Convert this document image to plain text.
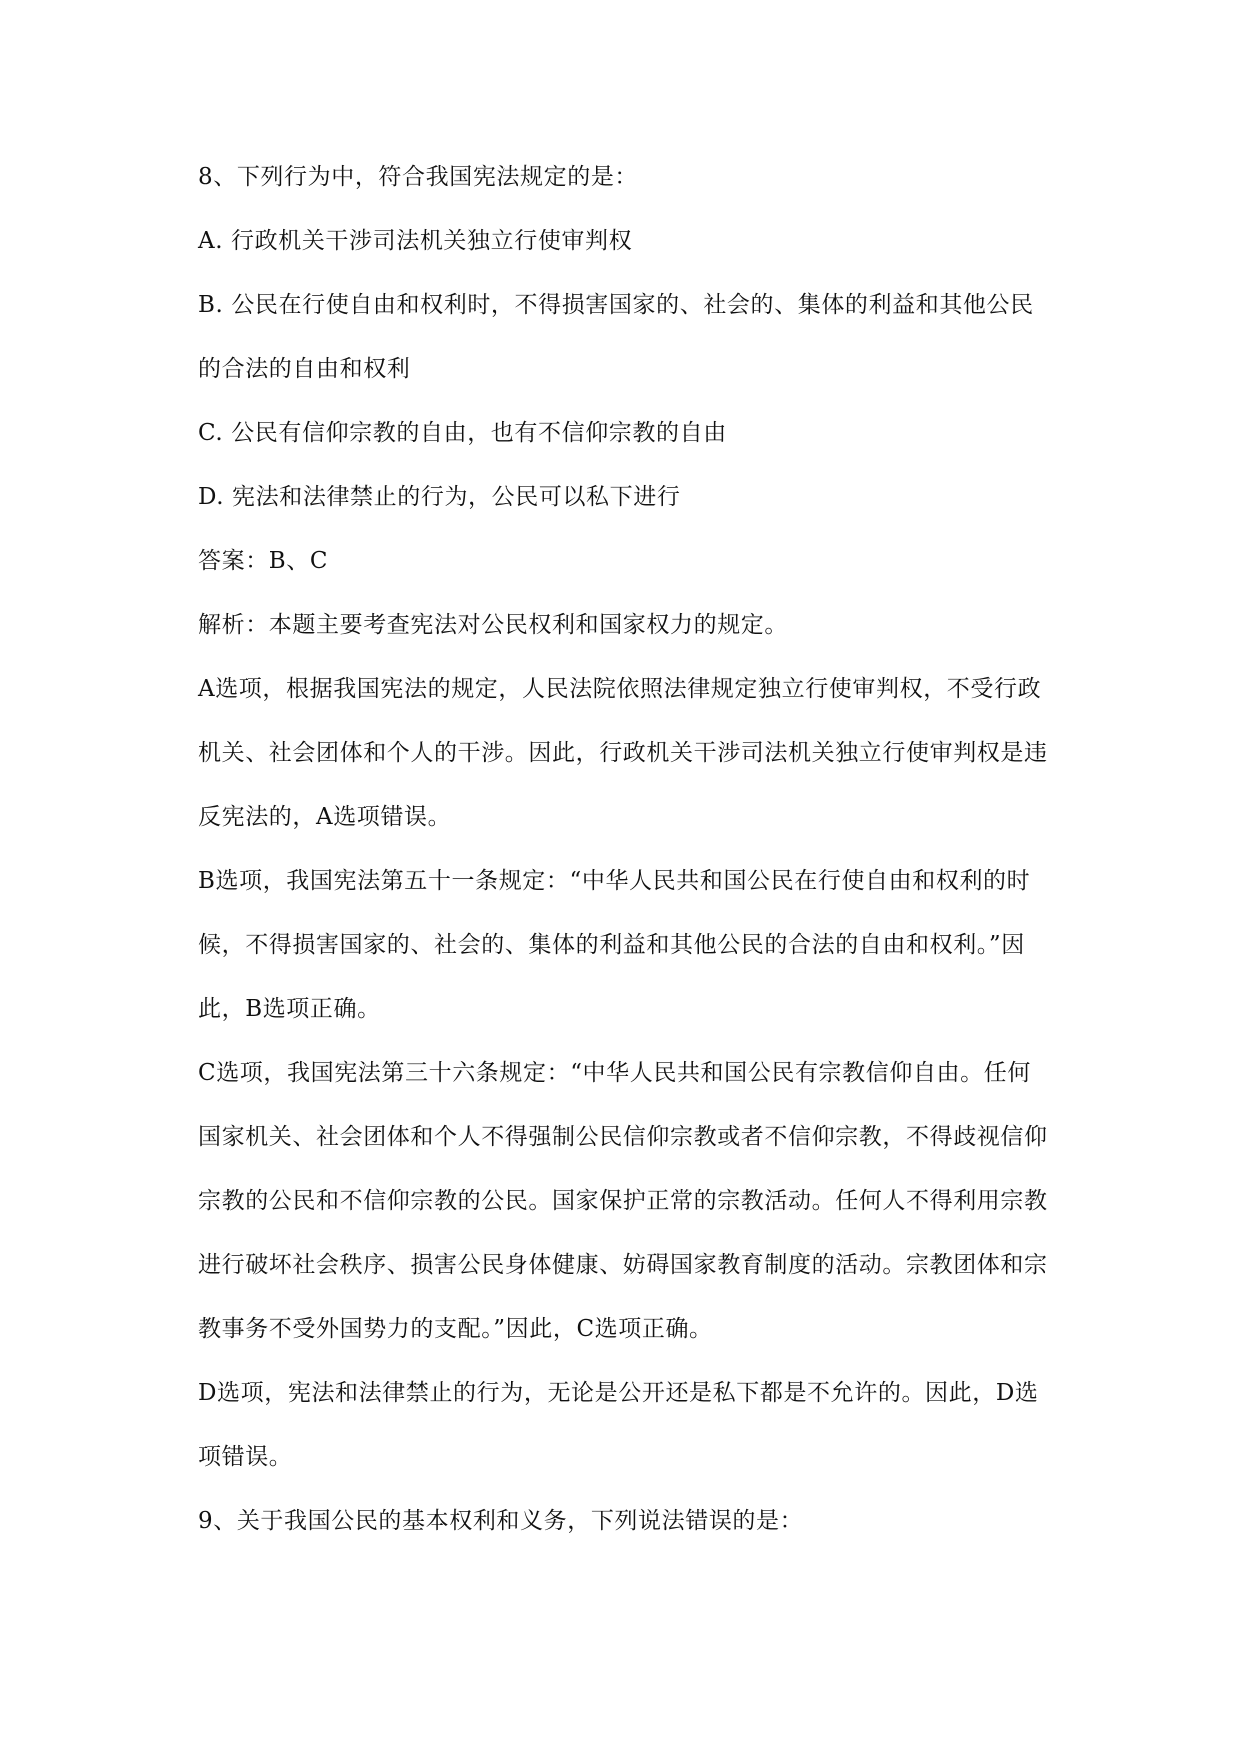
8、下列行为中，符合我国宪法规定的是：
A. 行政机关干涉司法机关独立行使审判权
B. 公民在行使自由和权利时，不得损害国家的、社会的、集体的利益和其他公民
的合法的自由和权利
C. 公民有信仰宗教的自由，也有不信仰宗教的自由
D. 宪法和法律禁止的行为，公民可以私下进行
答案：B、C
解析：本题主要考查宪法对公民权利和国家权力的规定。
A选项，根据我国宪法的规定，人民法院依照法律规定独立行使审判权，不受行政
机关、社会团体和个人的干涉。因此，行政机关干涉司法机关独立行使审判权是违
反宪法的，A选项错误。
B选项，我国宪法第五十一条规定：“中华人民共和国公民在行使自由和权利的时
候，不得损害国家的、社会的、集体的利益和其他公民的合法的自由和权利。”因
此，B选项正确。
C选项，我国宪法第三十六条规定：“中华人民共和国公民有宗教信仰自由。任何
国家机关、社会团体和个人不得强制公民信仰宗教或者不信仰宗教，不得歧视信仰
宗教的公民和不信仰宗教的公民。国家保护正常的宗教活动。任何人不得利用宗教
进行破坏社会秩序、损害公民身体健康、妨碍国家教育制度的活动。宗教团体和宗
教事务不受外国势力的支配。”因此，C选项正确。
D选项，宪法和法律禁止的行为，无论是公开还是私下都是不允许的。因此，D选
项错误。
9、关于我国公民的基本权利和义务，下列说法错误的是：
